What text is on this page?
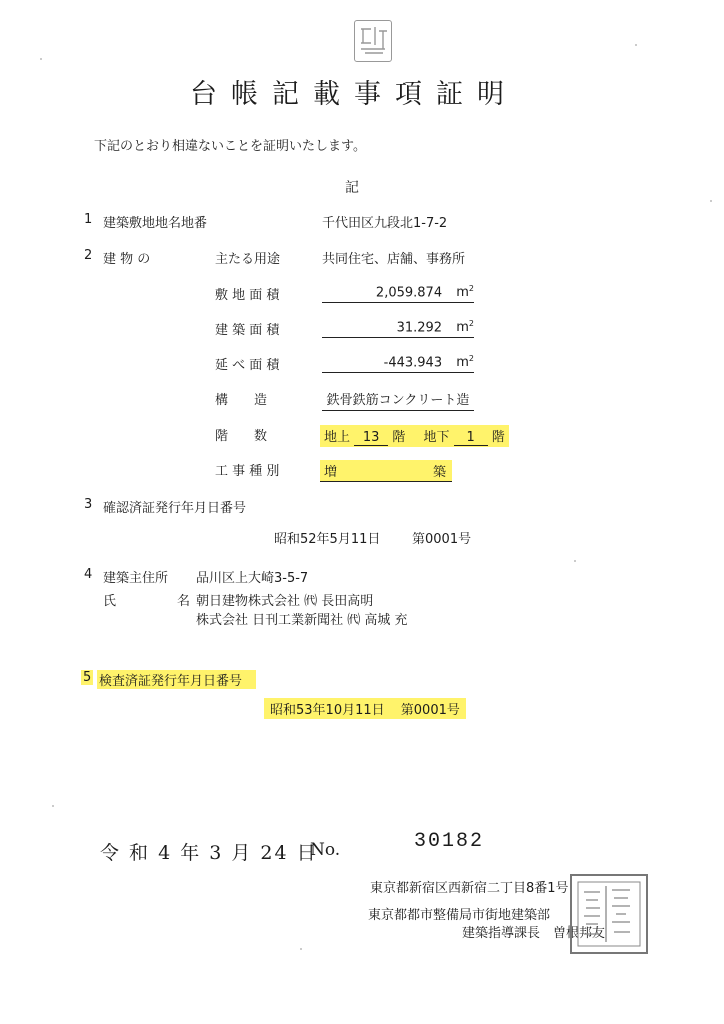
台帳記載事項証明
下記のとおり相違ないことを証明いたします。
記
1 建築敷地地名地番	千代田区九段北1-7-2
2 建 物 の	主たる用途	共同住宅、店舗、事務所
敷 地 面 積	2,059.874 $m^2$
建 築 面 積	31.292 $m^2$
延 べ 面 積	-443.943 $m^2$
構　　造	鉄骨鉄筋コンクリート造
階　　数	地上 13 階 地下 1 階
工 事 種 別	増	築
3 確認済証発行年月日番号
昭和52年5月11日 第0001号
4 建築主住所 品川区上大崎3-5-7
氏	名 朝日建物株式会社 ㈹ 長田高明
株式会社 日刊工業新聞社 ㈹ 高城 充
5 検査済証発行年月日番号
昭和53年10月11日 第0001号
令 和 4 年 3 月 24 日
No.	30182
東京都新宿区西新宿二丁目8番1号
東京都都市整備局市街地建築部
建築指導課長　曽根邦友
